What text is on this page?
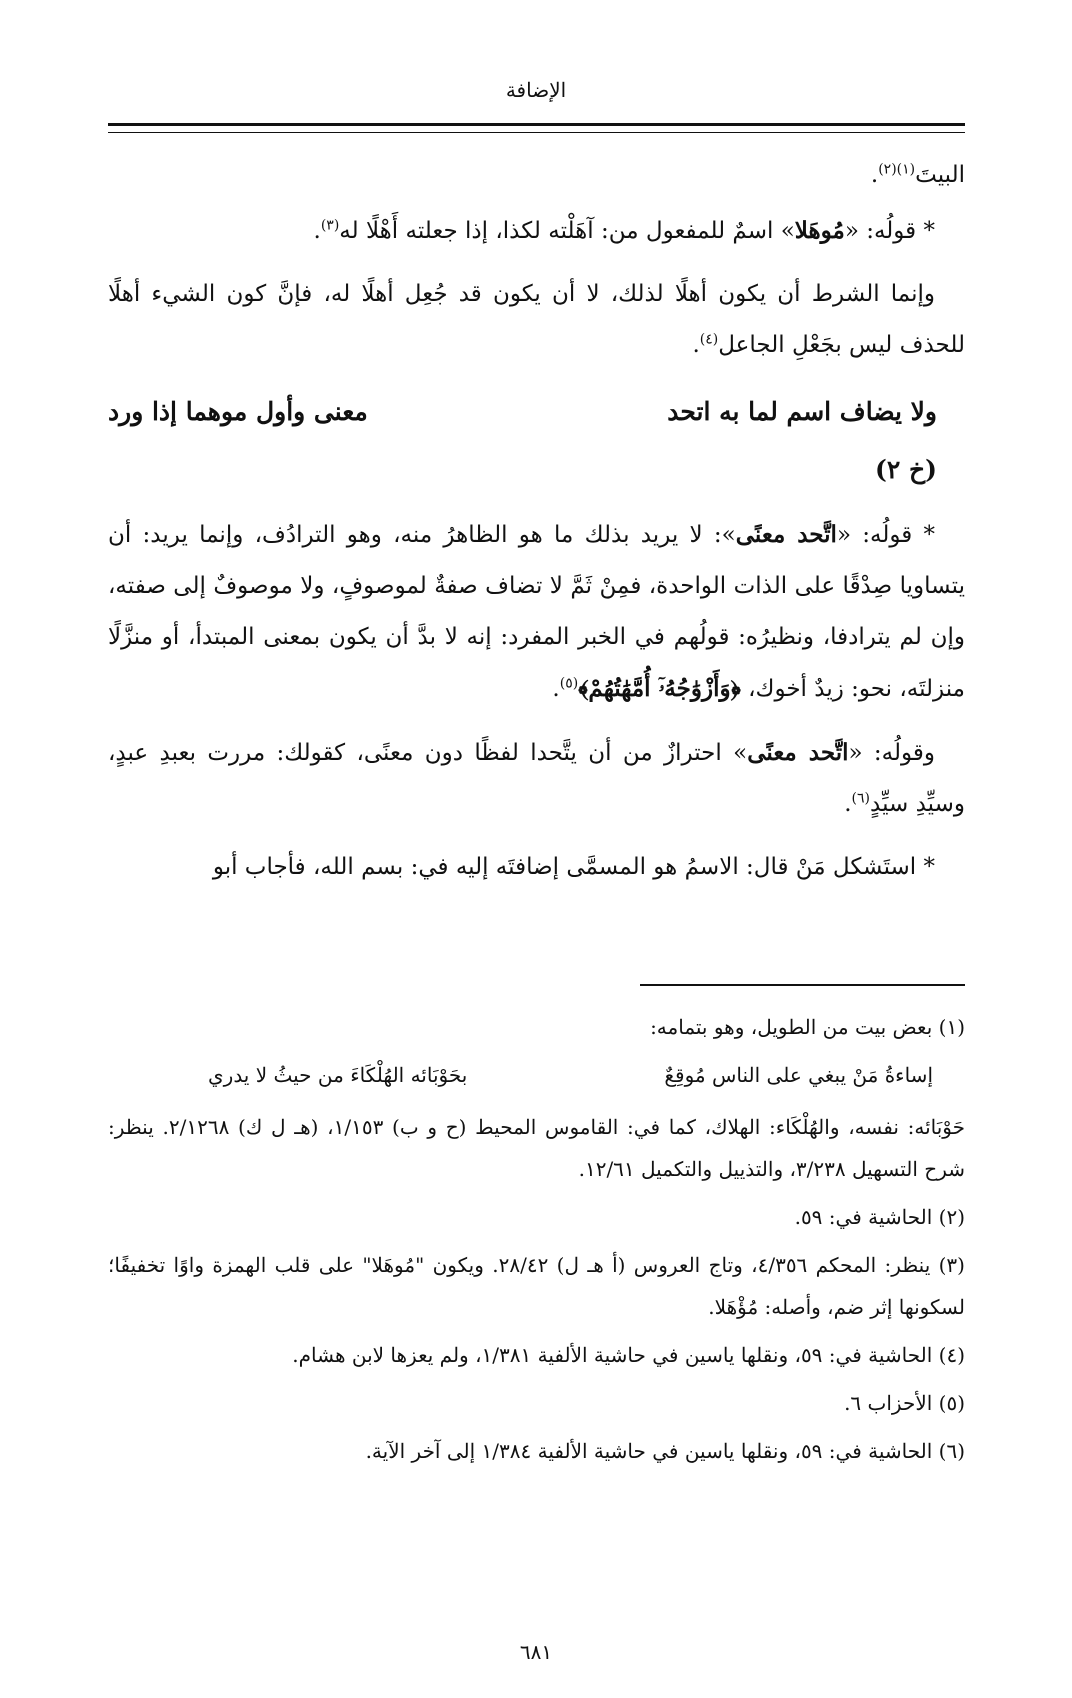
الإضافة

البيتَ$^{(١)(٢)}$.

* قولُه: «مُوهَلا» اسمٌ للمفعول من: آهَلْته لكذا، إذا جعلته أَهْلًا له$^{(٣)}$.

وإنما الشرط أن يكون أهلًا لذلك، لا أن يكون قد جُعِل أهلًا له، فإنَّ كون الشيء أهلًا للحذف ليس بجَعْلِ الجاعل$^{(٤)}$.

ولا يضاف اسم لما به اتحد
معنى وأول موهما إذا ورد
(خ ٢)

* قولُه: «اتَّحد معنًى»: لا يريد بذلك ما هو الظاهرُ منه، وهو الترادُف، وإنما يريد: أن يتساويا صِدْقًا على الذات الواحدة، فمِنْ ثَمَّ لا تضاف صفةٌ لموصوفٍ، ولا موصوفٌ إلى صفته، وإن لم يترادفا، ونظيرُه: قولُهم في الخبر المفرد: إنه لا بدَّ أن يكون بمعنى المبتدأ، أو منزَّلًا منزلتَه، نحو: زيدٌ أخوك، ﴿وَأَزْوَٰجُهُۥٓ أُمَّهَٰتُهُمْ﴾$^{(٥)}$.

وقولُه: «اتَّحد معنًى» احترازٌ من أن يتَّحدا لفظًا دون معنًى، كقولك: مررت بعبدِ عبدٍ، وسيِّدِ سيِّدٍ$^{(٦)}$.

* استَشكل مَنْ قال: الاسمُ هو المسمَّى إضافتَه إليه في: بسم الله، فأجاب أبو

(١) بعض بيت من الطويل، وهو بتمامه:

إساءةُ مَنْ يبغي على الناس مُوقِعٌ
بحَوْبَائه الهُلْكَاءَ من حيثُ لا يدري

حَوْبَائه: نفسه، والهُلْكَاء: الهلاك، كما في: القاموس المحيط (ح و ب) ١/١٥٣، (هـ ل ك) ٢/١٢٦٨. ينظر: شرح التسهيل ٣/٢٣٨، والتذييل والتكميل ١٢/٦١.

(٢) الحاشية في: ٥٩.

(٣) ينظر: المحكم ٤/٣٥٦، وتاج العروس (أ هـ ل) ٢٨/٤٢. ويكون "مُوهَلا" على قلب الهمزة واوًا تخفيفًا؛ لسكونها إثر ضم، وأصله: مُؤْهَلا.

(٤) الحاشية في: ٥٩، ونقلها ياسين في حاشية الألفية ١/٣٨١، ولم يعزها لابن هشام.

(٥) الأحزاب ٦.

(٦) الحاشية في: ٥٩، ونقلها ياسين في حاشية الألفية ١/٣٨٤ إلى آخر الآية.

٦٨١
